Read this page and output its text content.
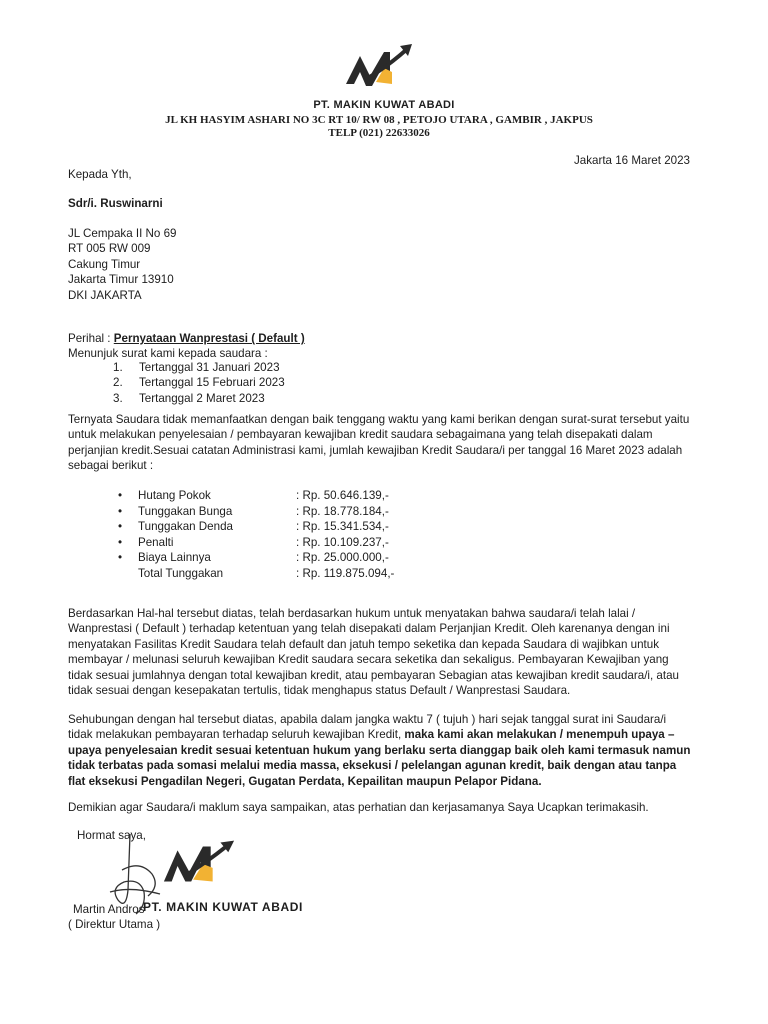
PT. MAKIN KUWAT ABADI
JL KH HASYIM ASHARI NO 3C RT 10/ RW 08 , PETOJO UTARA , GAMBIR , JAKPUS
TELP (021) 22633026
Jakarta 16 Maret 2023
Kepada Yth,
Sdr/i. Ruswinarni
JL Cempaka II No 69
RT 005 RW 009
Cakung Timur
Jakarta Timur 13910
DKI JAKARTA
Perihal : Pernyataan Wanprestasi ( Default )
Menunjuk surat kami kepada saudara :
1. Tertanggal 31 Januari 2023
2. Tertanggal 15 Februari 2023
3. Tertanggal 2 Maret 2023
Ternyata Saudara tidak memanfaatkan dengan baik tenggang waktu yang kami berikan dengan surat-surat tersebut yaitu untuk melakukan penyelesaian / pembayaran kewajiban kredit saudara sebagaimana yang telah disepakati dalam perjanjian kredit.Sesuai catatan Administrasi kami, jumlah kewajiban Kredit Saudara/i per tanggal 16 Maret 2023 adalah sebagai berikut :
• Hutang Pokok	: Rp. 50.646.139,-
• Tunggakan Bunga	: Rp. 18.778.184,-
• Tunggakan Denda	: Rp. 15.341.534,-
• Penalti	: Rp. 10.109.237,-
• Biaya Lainnya	: Rp. 25.000.000,-
Total Tunggakan	: Rp. 119.875.094,-
Berdasarkan Hal-hal tersebut diatas, telah berdasarkan hukum untuk menyatakan bahwa saudara/i telah lalai / Wanprestasi ( Default ) terhadap ketentuan yang telah disepakati dalam Perjanjian Kredit. Oleh karenanya dengan ini menyatakan Fasilitas Kredit Saudara telah default dan jatuh tempo seketika dan kepada Saudara di wajibkan untuk membayar / melunasi seluruh kewajiban Kredit saudara secara seketika dan sekaligus. Pembayaran Kewajiban yang tidak sesuai jumlahnya dengan total kewajiban kredit, atau pembayaran Sebagian atas kewajiban kredit saudara/i, atau tidak sesuai dengan kesepakatan tertulis, tidak menghapus status Default / Wanprestasi Saudara.
Sehubungan dengan hal tersebut diatas, apabila dalam jangka waktu 7 ( tujuh ) hari sejak tanggal surat ini Saudara/i tidak melakukan pembayaran terhadap seluruh kewajiban Kredit, maka kami akan melakukan / menempuh upaya – upaya penyelesaian kredit sesuai ketentuan hukum yang berlaku serta dianggap baik oleh kami termasuk namun tidak terbatas pada somasi melalui media massa, eksekusi / pelelangan agunan kredit, baik dengan atau tanpa flat eksekusi Pengadilan Negeri, Gugatan Perdata, Kepailitan maupun Pelapor Pidana.
Demikian agar Saudara/i maklum saya sampaikan, atas perhatian dan kerjasamanya Saya Ucapkan terimakasih.
Hormat saya,
PT. MAKIN KUWAT ABADI
Martin Andros
( Direktur Utama )
